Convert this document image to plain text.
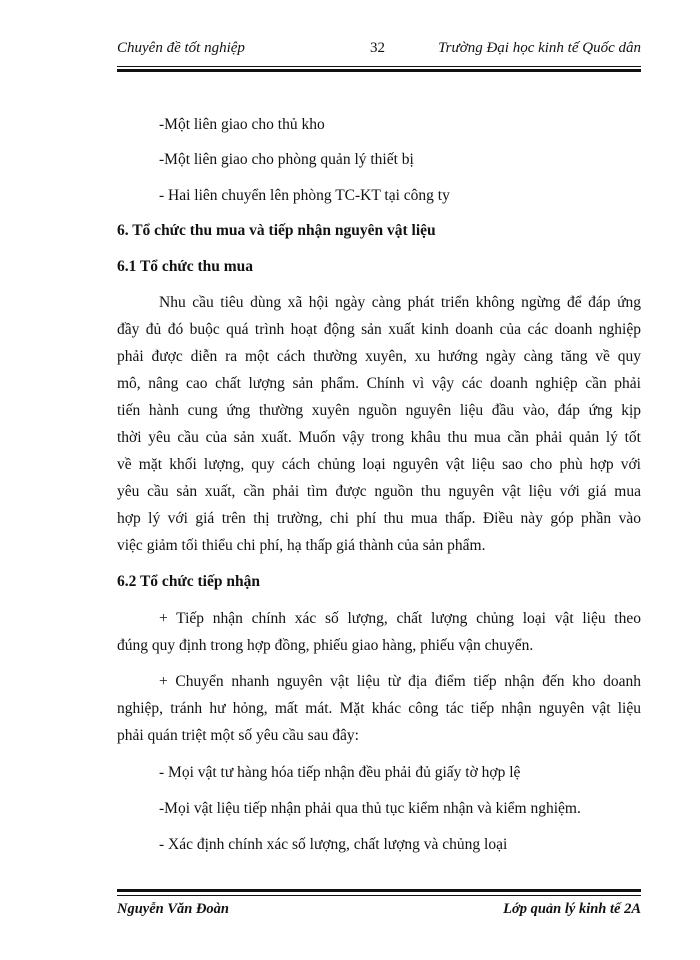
Chuyên đề tốt nghiệp	32	Trường Đại học kinh tế Quốc dân
-Một liên giao cho thủ kho
-Một liên giao cho phòng quản lý thiết bị
- Hai liên chuyển lên phòng TC-KT tại công ty
6. Tổ chức thu mua và tiếp nhận nguyên vật liệu
6.1 Tổ chức thu mua
Nhu cầu tiêu dùng xã hội ngày càng phát triển không ngừng để đáp ứng
đầy đủ đó buộc quá trình hoạt động sản xuất kinh doanh của các doanh nghiệp
phải được diễn ra một cách thường xuyên, xu hướng ngày càng tăng về quy
mô, nâng cao chất lượng sản phẩm. Chính vì vậy các doanh nghiệp cần phải
tiến hành cung ứng thường xuyên nguồn nguyên liệu đầu vào, đáp ứng kịp
thời yêu cầu của sản xuất. Muốn vậy trong khâu thu mua cần phải quản lý tốt
về mặt khối lượng, quy cách chủng loại nguyên vật liệu sao cho phù hợp với
yêu cầu sản xuất, cần phải tìm được nguồn thu nguyên vật liệu với giá mua
hợp lý với giá trên thị trường, chi phí thu mua thấp. Điều này góp phần vào
việc giảm tối thiểu chi phí, hạ thấp giá thành của sản phẩm.
6.2 Tổ chức tiếp nhận
+ Tiếp nhận chính xác số lượng, chất lượng chủng loại vật liệu theo
đúng quy định trong hợp đồng, phiếu giao hàng, phiếu vận chuyển.
+ Chuyển nhanh nguyên vật liệu từ địa điểm tiếp nhận đến kho doanh
nghiệp, tránh hư hỏng, mất mát. Mặt khác công tác tiếp nhận nguyên vật liệu
phải quán triệt một số yêu cầu sau đây:
- Mọi vật tư hàng hóa tiếp nhận đều phải đủ giấy tờ hợp lệ
-Mọi vật liệu tiếp nhận phải qua thủ tục kiểm nhận và kiểm nghiệm.
- Xác định chính xác số lượng, chất lượng và chủng loại
Nguyễn Văn Đoàn	Lớp quản lý kinh tế 2A
